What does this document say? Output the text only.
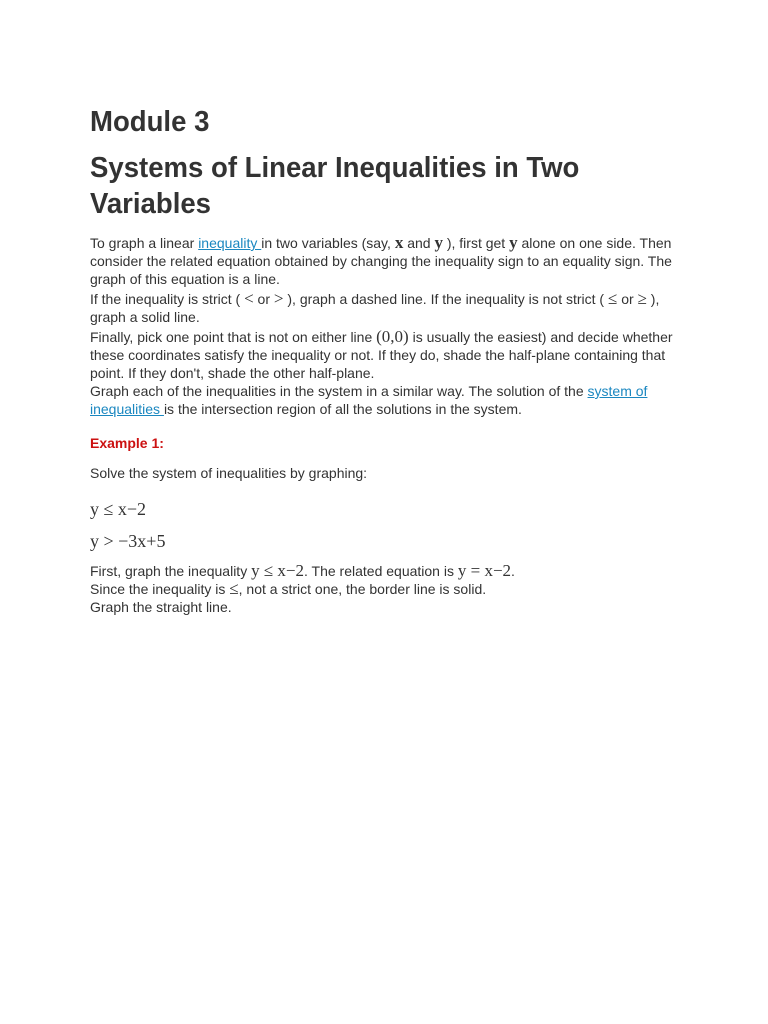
Module 3
Systems of Linear Inequalities in Two Variables

To graph a linear inequality in two variables (say, x and y ), first get y alone on one side. Then consider the related equation obtained by changing the inequality sign to an equality sign. The graph of this equation is a line.

If the inequality is strict ( < or > ), graph a dashed line. If the inequality is not strict ( ≤ or ≥ ), graph a solid line.

Finally, pick one point that is not on either line (0,0) is usually the easiest) and decide whether these coordinates satisfy the inequality or not. If they do, shade the half-plane containing that point. If they don't, shade the other half-plane.

Graph each of the inequalities in the system in a similar way. The solution of the system of inequalities is the intersection region of all the solutions in the system.

Example 1:

Solve the system of inequalities by graphing:

y ≤ x−2

y > −3x+5

First, graph the inequality y ≤ x−2. The related equation is y = x−2.

Since the inequality is ≤, not a strict one, the border line is solid.

Graph the straight line.
